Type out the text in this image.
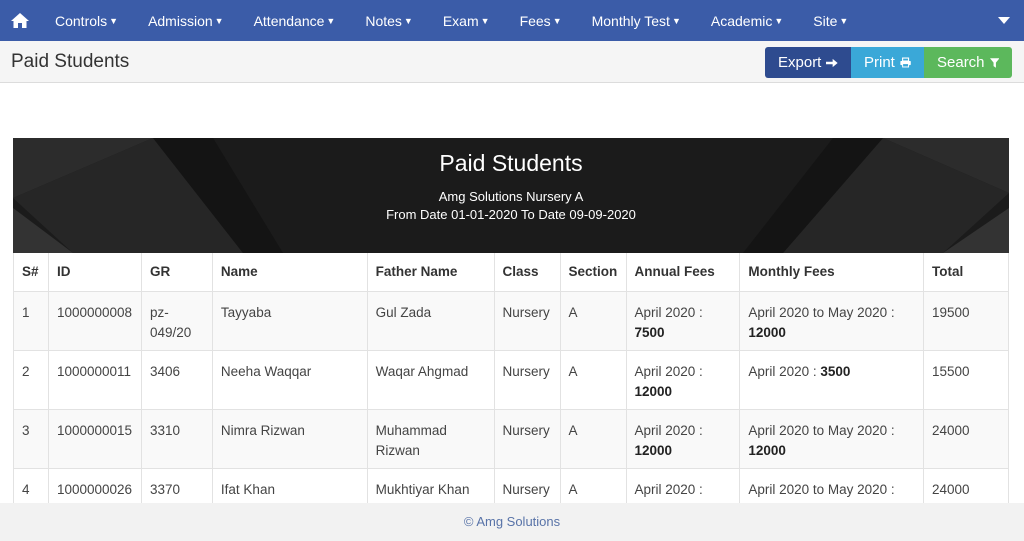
Controls ▼ Admission ▼ Attendance ▼ Notes ▼ Exam ▼ Fees ▼ Monthly Test ▼ Academic ▼ Site ▼
Paid Students	Export	Print	Search
Paid Students
Amg Solutions Nursery A
From Date 01-01-2020 To Date 09-09-2020
S#	ID	GR	Name	Father Name	Class	Section	Annual Fees	Monthly Fees	Total
1	1000000008	pz-049/20	Tayyaba	Gul Zada	Nursery	A	April 2020 : 7500	April 2020 to May 2020 : 12000	19500
2	1000000011	3406	Neeha Waqqar	Waqar Ahgmad	Nursery	A	April 2020 : 12000	April 2020 : 3500	15500
3	1000000015	3310	Nimra Rizwan	Muhammad Rizwan	Nursery	A	April 2020 : 12000	April 2020 to May 2020 : 12000	24000
4	1000000026	3370	Ifat Khan	Mukhtiyar Khan	Nursery	A	April 2020 :	April 2020 to May 2020 :	24000
© Amg Solutions
